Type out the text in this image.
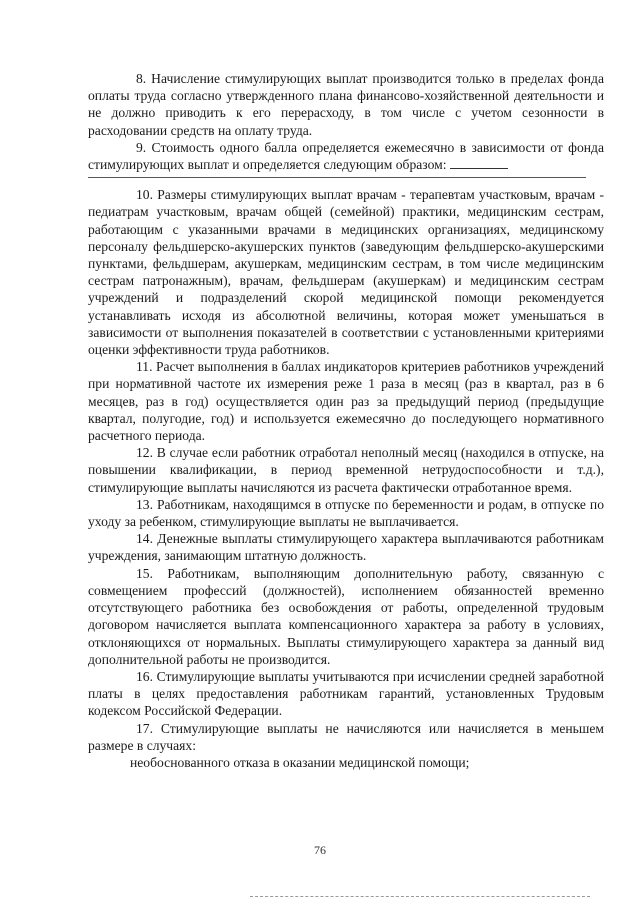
8. Начисление стимулирующих выплат производится только в пределах фонда оплаты труда согласно утвержденного плана финансово-хозяйственной деятельности и не должно приводить к его перерасходу, в том числе с учетом сезонности в расходовании средств на оплату труда.

9. Стоимость одного балла определяется ежемесячно в зависимости от фонда стимулирующих выплат и определяется следующим образом:

10. Размеры стимулирующих выплат врачам - терапевтам участковым, врачам - педиатрам участковым, врачам общей (семейной) практики, медицинским сестрам, работающим с указанными врачами в медицинских организациях, медицинскому персоналу фельдшерско-акушерских пунктов (заведующим фельдшерско-акушерскими пунктами, фельдшерам, акушеркам, медицинским сестрам, в том числе медицинским сестрам патронажным), врачам, фельдшерам (акушеркам) и медицинским сестрам учреждений и подразделений скорой медицинской помощи рекомендуется устанавливать исходя из абсолютной величины, которая может уменьшаться в зависимости от выполнения показателей в соответствии с установленными критериями оценки эффективности труда работников.

11. Расчет выполнения в баллах индикаторов критериев работников учреждений при нормативной частоте их измерения реже 1 раза в месяц (раз в квартал, раз в 6 месяцев, раз в год) осуществляется один раз за предыдущий период (предыдущие квартал, полугодие, год) и используется ежемесячно до последующего нормативного расчетного периода.

12. В случае если работник отработал неполный месяц (находился в отпуске, на повышении квалификации, в период временной нетрудоспособности и т.д.), стимулирующие выплаты начисляются из расчета фактически отработанное время.

13. Работникам, находящимся в отпуске по беременности и родам, в отпуске по уходу за ребенком, стимулирующие выплаты не выплачивается.

14. Денежные выплаты стимулирующего характера выплачиваются работникам учреждения, занимающим штатную должность.

15. Работникам, выполняющим дополнительную работу, связанную с совмещением профессий (должностей), исполнением обязанностей временно отсутствующего работника без освобождения от работы, определенной трудовым договором начисляется выплата компенсационного характера за работу в условиях, отклоняющихся от нормальных. Выплаты стимулирующего характера за данный вид дополнительной работы не производится.

16. Стимулирующие выплаты учитываются при исчислении средней заработной платы в целях предоставления работникам гарантий, установленных Трудовым кодексом Российской Федерации.

17. Стимулирующие выплаты не начисляются или начисляется в меньшем размере в случаях:

необоснованного отказа в оказании медицинской помощи;

76
